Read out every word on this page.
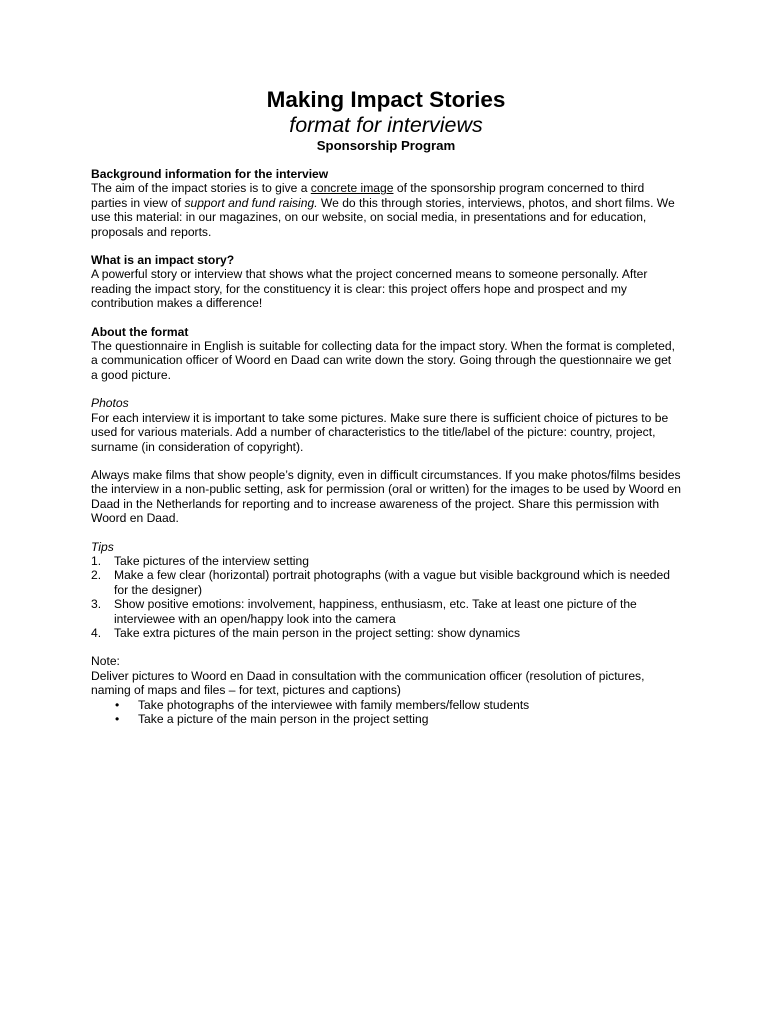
Making Impact Stories
format for interviews
Sponsorship Program
Background information for the interview

The aim of the impact stories is to give a concrete image of the sponsorship program concerned to third parties in view of support and fund raising. We do this through stories, interviews, photos, and short films. We use this material: in our magazines, on our website, on social media, in presentations and for education, proposals and reports.

What is an impact story?

A powerful story or interview that shows what the project concerned means to someone personally. After reading the impact story, for the constituency it is clear: this project offers hope and prospect and my contribution makes a difference!

About the format

The questionnaire in English is suitable for collecting data for the impact story. When the format is completed, a communication officer of Woord en Daad can write down the story. Going through the questionnaire we get a good picture.

Photos

For each interview it is important to take some pictures. Make sure there is sufficient choice of pictures to be used for various materials. Add a number of characteristics to the title/label of the picture: country, project, surname (in consideration of copyright).

Always make films that show people’s dignity, even in difficult circumstances. If you make photos/films besides the interview in a non-public setting, ask for permission (oral or written) for the images to be used by Woord en Daad in the Netherlands for reporting and to increase awareness of the project. Share this permission with Woord en Daad.

Tips
1. Take pictures of the interview setting
2. Make a few clear (horizontal) portrait photographs (with a vague but visible background which is needed for the designer)
3. Show positive emotions: involvement, happiness, enthusiasm, etc. Take at least one picture of the interviewee with an open/happy look into the camera
4. Take extra pictures of the main person in the project setting: show dynamics
Note:

Deliver pictures to Woord en Daad in consultation with the communication officer (resolution of pictures, naming of maps and files – for text, pictures and captions)

• Take photographs of the interviewee with family members/fellow students
• Take a picture of the main person in the project setting
